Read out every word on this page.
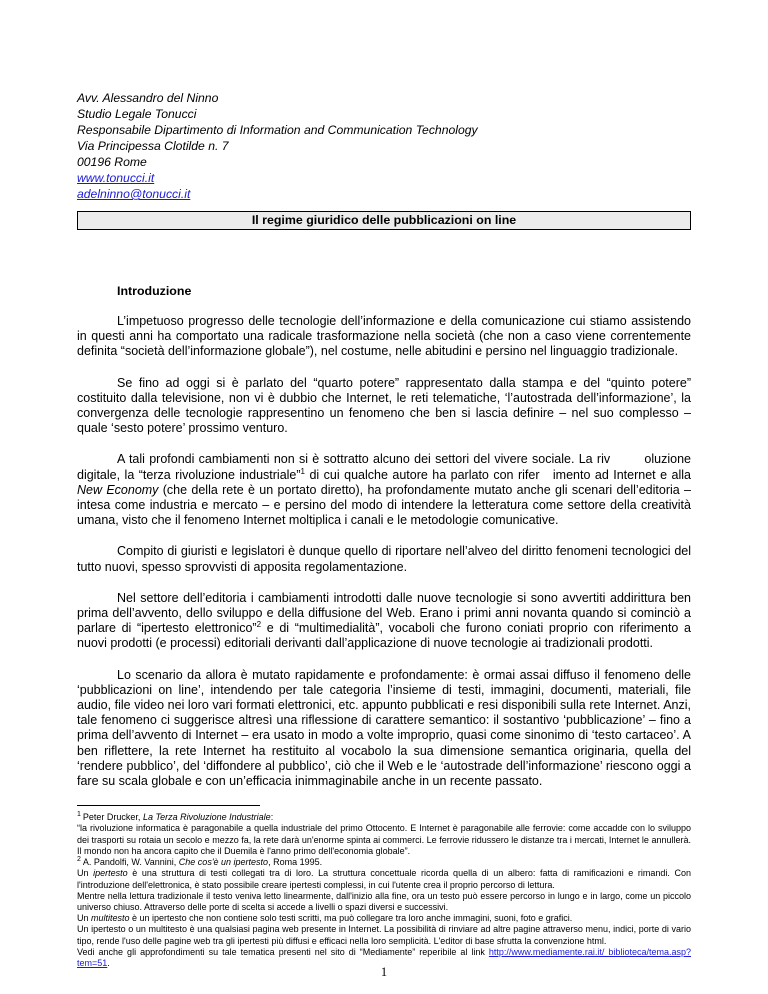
Avv. Alessandro del Ninno
Studio Legale Tonucci
Responsabile Dipartimento di Information and Communication Technology
Via Principessa Clotilde n. 7
00196 Rome
www.tonucci.it
adelninno@tonucci.it
Il regime giuridico delle pubblicazioni on line
Introduzione

L’impetuoso progresso delle tecnologie dell’informazione e della comunicazione cui stiamo assistendo in questi anni ha comportato una radicale trasformazione nella società (che non a caso viene correntemente definita “società dell’informazione globale”), nel costume, nelle abitudini e persino nel linguaggio tradizionale.

Se fino ad oggi si è parlato del “quarto potere” rappresentato dalla stampa e del “quinto potere” costituito dalla televisione, non vi è dubbio che Internet, le reti telematiche, ‘l’autostrada dell’informazione’, la convergenza delle tecnologie rappresentino un fenomeno che ben si lascia definire – nel suo complesso – quale ‘sesto potere’ prossimo venturo.

A tali profondi cambiamenti non si è sottratto alcuno dei settori del vivere sociale. La riv        oluzione digitale, la “terza rivoluzione industriale”$^1$ di cui qualche autore ha parlato con rifer   imento ad Internet e alla New Economy (che della rete è un portato diretto), ha profondamente mutato anche gli scenari dell’editoria – intesa come industria e mercato – e persino del modo di intendere la letteratura come settore della creatività umana, visto che il fenomeno Internet moltiplica i canali e le metodologie comunicative.

Compito di giuristi e legislatori è dunque quello di riportare nell’alveo del diritto fenomeni tecnologici del tutto nuovi, spesso sprovvisti di apposita regolamentazione.

Nel settore dell’editoria i cambiamenti introdotti dalle nuove tecnologie si sono avvertiti addirittura ben prima dell’avvento, dello sviluppo e della diffusione del Web. Erano i primi anni novanta quando si cominciò a parlare di “ipertesto elettronico”$^2$ e di “multimedialità”, vocaboli che furono coniati proprio con riferimento a nuovi prodotti (e processi) editoriali derivanti dall’applicazione di nuove tecnologie ai tradizionali prodotti.

Lo scenario da allora è mutato rapidamente e profondamente: è ormai assai diffuso il fenomeno delle ‘pubblicazioni on line’, intendendo per tale categoria l’insieme di testi, immagini, documenti, materiali, file audio, file video nei loro vari formati elettronici, etc. appunto pubblicati e resi disponibili sulla rete Internet. Anzi, tale fenomeno ci suggerisce altresì una riflessione di carattere semantico: il sostantivo ‘pubblicazione’ – fino a prima dell’avvento di Internet – era usato in modo a volte improprio, quasi come sinonimo di ‘testo cartaceo’. A ben riflettere, la rete Internet ha restituito al vocabolo la sua dimensione semantica originaria, quella del ‘rendere pubblico’, del ‘diffondere al pubblico’, ciò che il Web e le ‘autostrade dell’informazione’ riescono oggi a fare su scala globale e con un’efficacia inimmaginabile anche in un recente passato.

$^1$ Peter Drucker, La Terza Rivoluzione Industriale:

“la rivoluzione informatica è paragonabile a quella industriale del primo Ottocento. E Internet è paragonabile alle ferrovie: come accadde con lo sviluppo dei trasporti su rotaia un secolo e mezzo fa, la rete darà un'enorme spinta ai commerci. Le ferrovie ridussero le distanze tra i mercati, Internet le annullerà. Il mondo non ha ancora capito che il Duemila è l'anno primo dell'economia globale”.

$^2$ A. Pandolfi, W. Vannini, Che cos'è un ipertesto, Roma 1995.

Un ipertesto è una struttura di testi collegati tra di loro. La struttura concettuale ricorda quella di un albero: fatta di ramificazioni e rimandi. Con l'introduzione dell'elettronica, è stato possibile creare ipertesti complessi, in cui l'utente crea il proprio percorso di lettura.

Mentre nella lettura tradizionale il testo veniva letto linearmente, dall'inizio alla fine, ora un testo può essere percorso in lungo e in largo, come un piccolo universo chiuso. Attraverso delle porte di scelta si accede a livelli o spazi diversi e successivi.

Un multitesto è un ipertesto che non contiene solo testi scritti, ma può collegare tra loro anche immagini, suoni, foto e grafici.

Un ipertesto o un multitesto è una qualsiasi pagina web presente in Internet. La possibilità di rinviare ad altre pagine attraverso menu, indici, porte di vario tipo, rende l'uso delle pagine web tra gli ipertesti più diffusi e efficaci nella loro semplicità. L'editor di base sfrutta la convenzione html.

Vedi anche gli approfondimenti su tale tematica presenti nel sito di “Mediamente” reperibile al link http://www.mediamente.rai.it/ biblioteca/tema.asp?tem=51.

1
